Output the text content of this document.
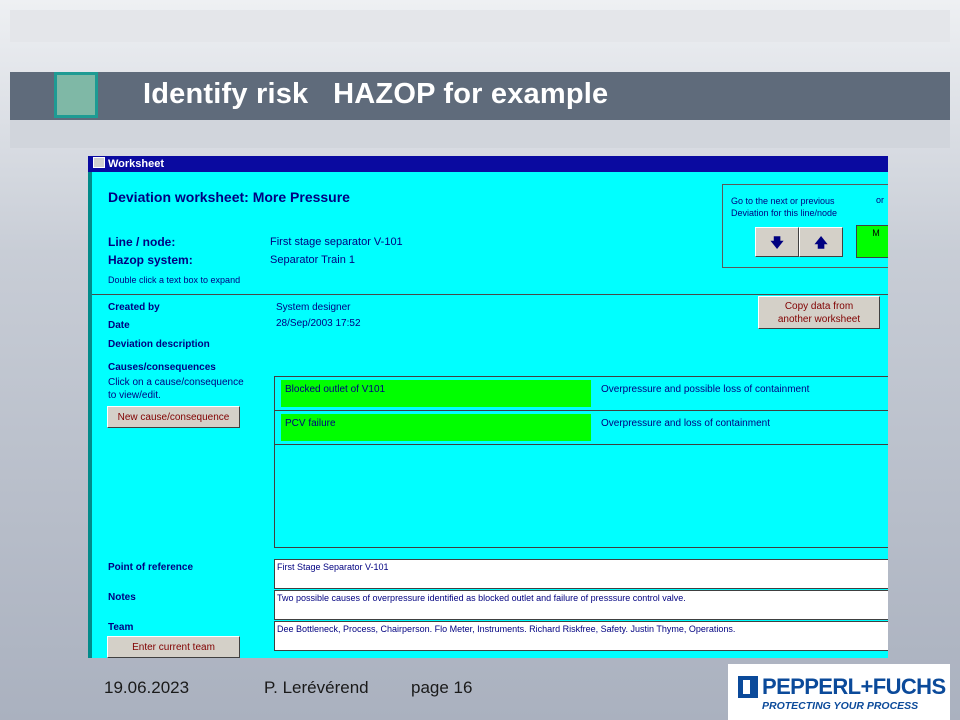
Identify risk   HAZOP for example
Worksheet
Deviation worksheet: More Pressure
Line / node:	First stage separator V-101
Hazop system:	Separator Train 1
Double click a text box to expand
Go to the next or previous
Deviation for this line/node
or
🡇	🡅
M
Created by	System designer
Date	28/Sep/2003 17:52
Deviation description
Copy data from
another worksheet
Causes/consequences
Click on a cause/consequence
to view/edit.
New cause/consequence
Blocked outlet of V101	Overpressure and possible loss of containment
PCV failure	Overpressure and loss of containment
Point of reference	First Stage Separator V-101
Notes	Two possible causes of overpressure identified as blocked outlet and failure of presssure control valve.
Team	Dee Bottleneck, Process, Chairperson. Flo Meter, Instruments. Richard Riskfree, Safety. Justin Thyme, Operations.
Enter current team
19.06.2023	P. Lerévérend page 16	PEPPERL+FUCHS
PROTECTING YOUR PROCESS
